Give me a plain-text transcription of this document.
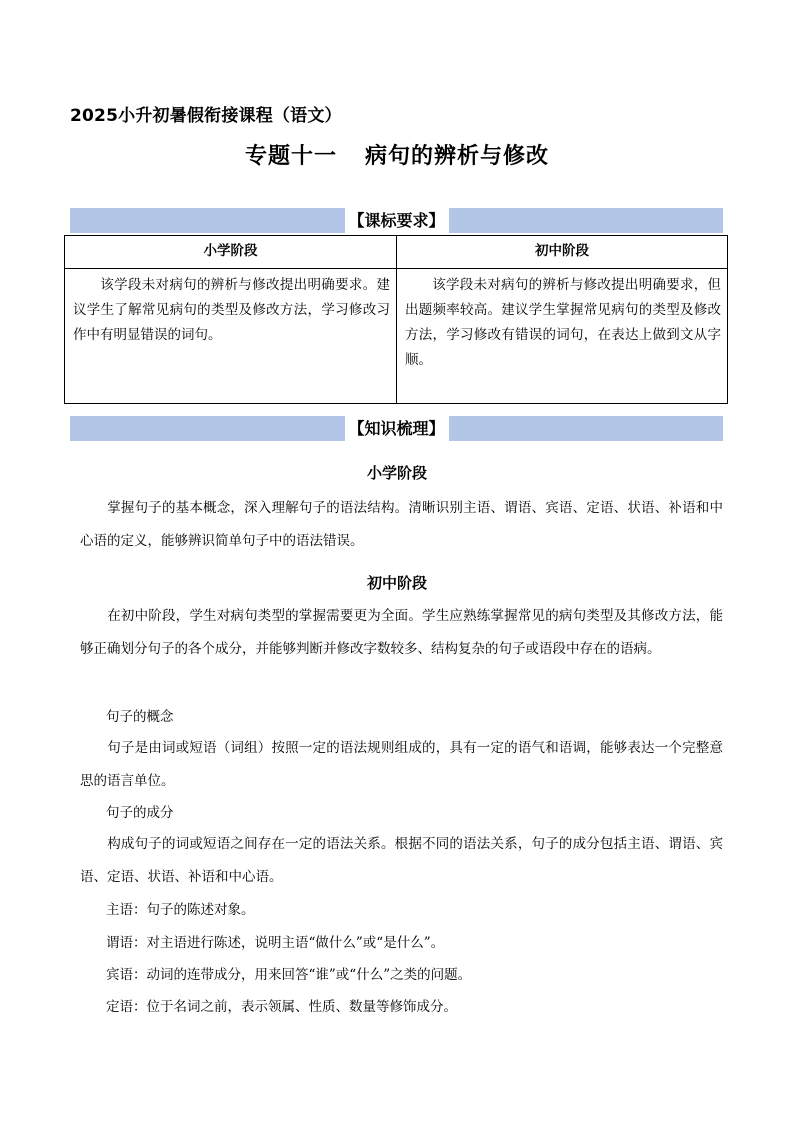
2025小升初暑假衔接课程（语文）
专题十一 病句的辨析与修改
【课标要求】
小学阶段	初中阶段
该学段未对病句的辨析与修改提出明确要求。建议学生了解常见病句的类型及修改方法，学习修改习作中有明显错误的词句。	该学段未对病句的辨析与修改提出明确要求，但出题频率较高。建议学生掌握常见病句的类型及修改方法，学习修改有错误的词句，在表达上做到文从字顺。
【知识梳理】
小学阶段
掌握句子的基本概念，深入理解句子的语法结构。清晰识别主语、谓语、宾语、定语、状语、补语和中心语的定义，能够辨识简单句子中的语法错误。
初中阶段
在初中阶段，学生对病句类型的掌握需要更为全面。学生应熟练掌握常见的病句类型及其修改方法，能够正确划分句子的各个成分，并能够判断并修改字数较多、结构复杂的句子或语段中存在的语病。
句子的概念
句子是由词或短语（词组）按照一定的语法规则组成的，具有一定的语气和语调，能够表达一个完整意思的语言单位。
句子的成分
构成句子的词或短语之间存在一定的语法关系。根据不同的语法关系，句子的成分包括主语、谓语、宾语、定语、状语、补语和中心语。
主语：句子的陈述对象。
谓语：对主语进行陈述，说明主语“做什么”或“是什么”。
宾语：动词的连带成分，用来回答“谁”或“什么”之类的问题。
定语：位于名词之前，表示领属、性质、数量等修饰成分。
